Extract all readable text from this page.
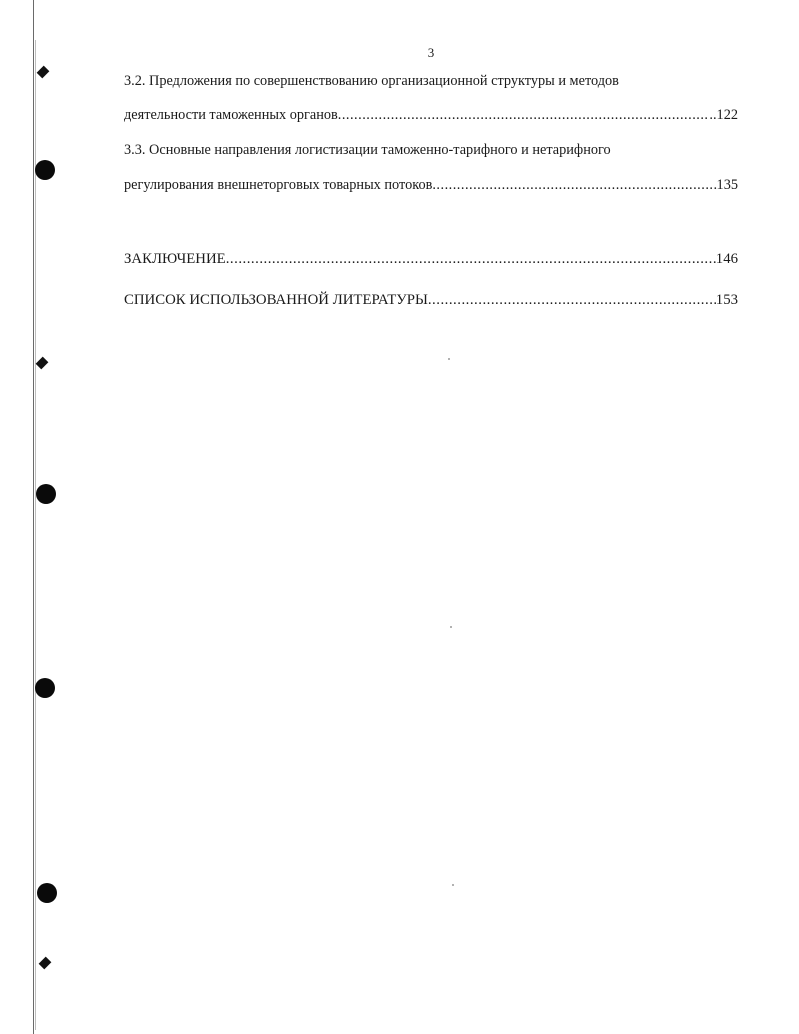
3
3.2. Предложения по совершенствованию организационной структуры и методов
деятельности таможенных органов .....	..122
3.3. Основные направления логистизации таможенно-тарифного и нетарифного
регулирования внешнеторговых товарных потоков .....	135
ЗАКЛЮЧЕНИЕ .....	146
СПИСОК ИСПОЛЬЗОВАННОЙ ЛИТЕРАТУРЫ .....	153
